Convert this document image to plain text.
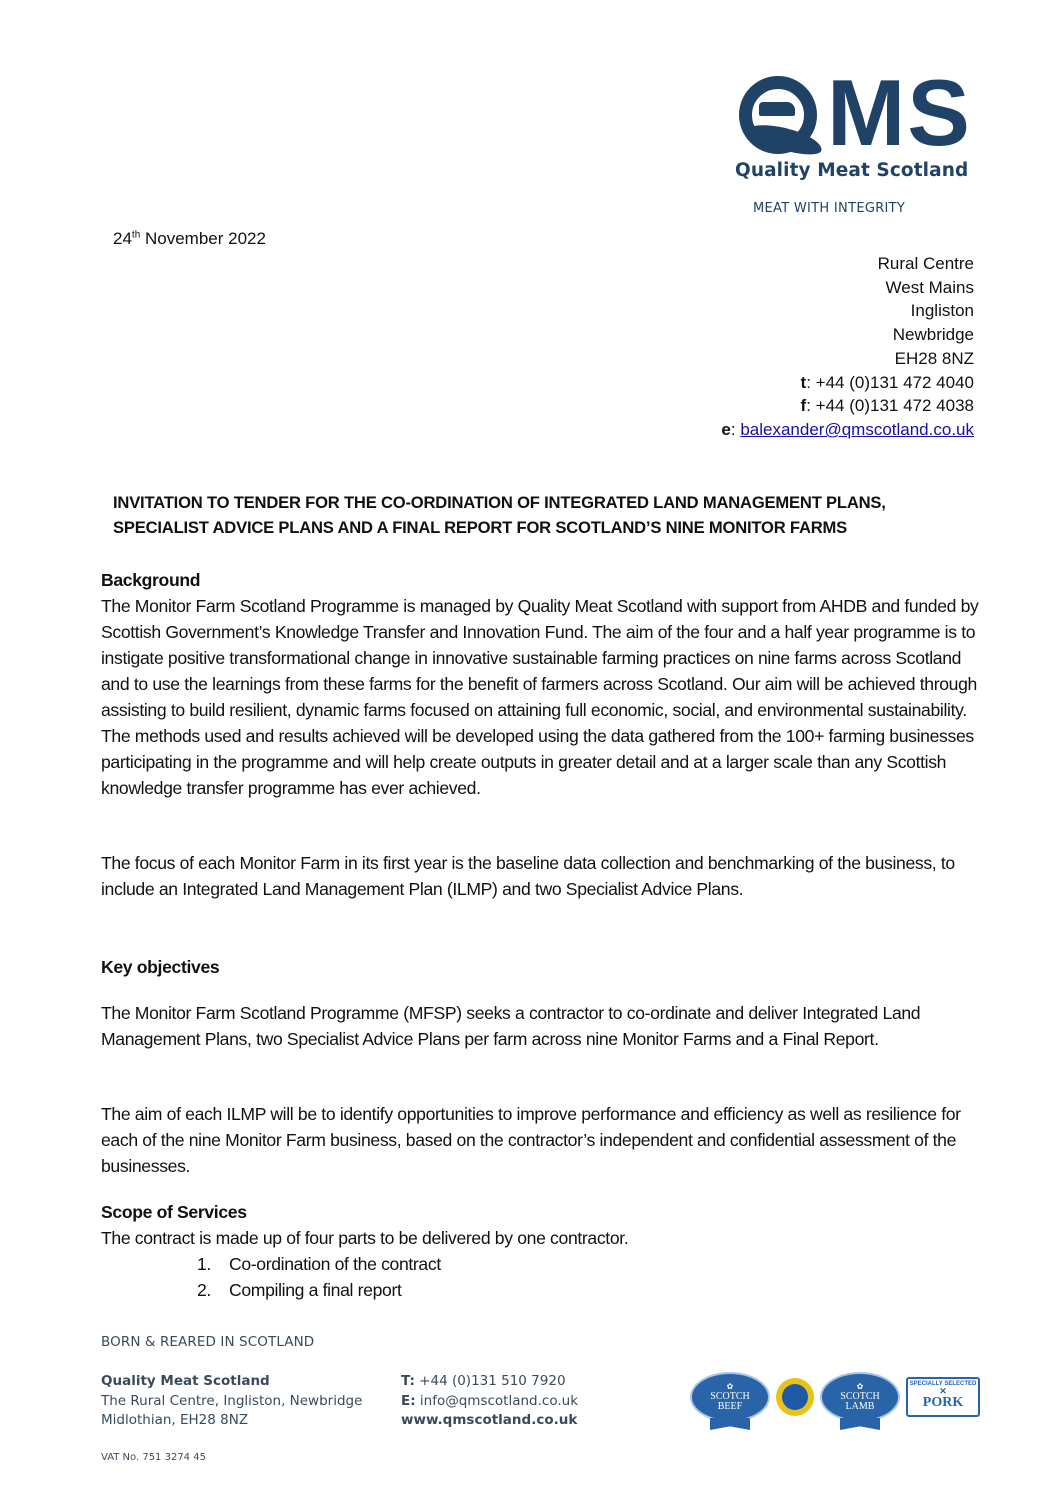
MS
Quality Meat Scotland
MEAT WITH INTEGRITY
24th November 2022
Rural Centre
West Mains
Ingliston
Newbridge
EH28 8NZ
t: +44 (0)131 472 4040
f: +44 (0)131 472 4038
e: balexander@qmscotland.co.uk
INVITATION TO TENDER FOR THE CO-ORDINATION OF INTEGRATED LAND MANAGEMENT PLANS,
SPECIALIST ADVICE PLANS AND A FINAL REPORT FOR SCOTLAND’S NINE MONITOR FARMS

Background

The Monitor Farm Scotland Programme is managed by Quality Meat Scotland with support from AHDB and funded by Scottish Government’s Knowledge Transfer and Innovation Fund. The aim of the four and a half year programme is to instigate positive transformational change in innovative sustainable farming practices on nine farms across Scotland and to use the learnings from these farms for the benefit of farmers across Scotland. Our aim will be achieved through assisting to build resilient, dynamic farms focused on attaining full economic, social, and environmental sustainability. The methods used and results achieved will be developed using the data gathered from the 100+ farming businesses participating in the programme and will help create outputs in greater detail and at a larger scale than any Scottish knowledge transfer programme has ever achieved.

The focus of each Monitor Farm in its first year is the baseline data collection and benchmarking of the business, to include an Integrated Land Management Plan (ILMP) and two Specialist Advice Plans.

Key objectives

The Monitor Farm Scotland Programme (MFSP) seeks a contractor to co-ordinate and deliver Integrated Land Management Plans, two Specialist Advice Plans per farm across nine Monitor Farms and a Final Report.

The aim of each ILMP will be to identify opportunities to improve performance and efficiency as well as resilience for each of the nine Monitor Farm business, based on the contractor’s independent and confidential assessment of the businesses.

Scope of Services

The contract is made up of four parts to be delivered by one contractor.

1. Co-ordination of the contract
2. Compiling a final report
BORN & REARED IN SCOTLAND
Quality Meat Scotland
The Rural Centre, Ingliston, Newbridge
Midlothian, EH28 8NZ
T: +44 (0)131 510 7920
E: info@qmscotland.co.uk
www.qmscotland.co.uk
VAT No. 751 3274 45
✿
SCOTCH
BEEF
✿
SCOTCH
LAMB
SPECIALLY SELECTED
✕
PORK
